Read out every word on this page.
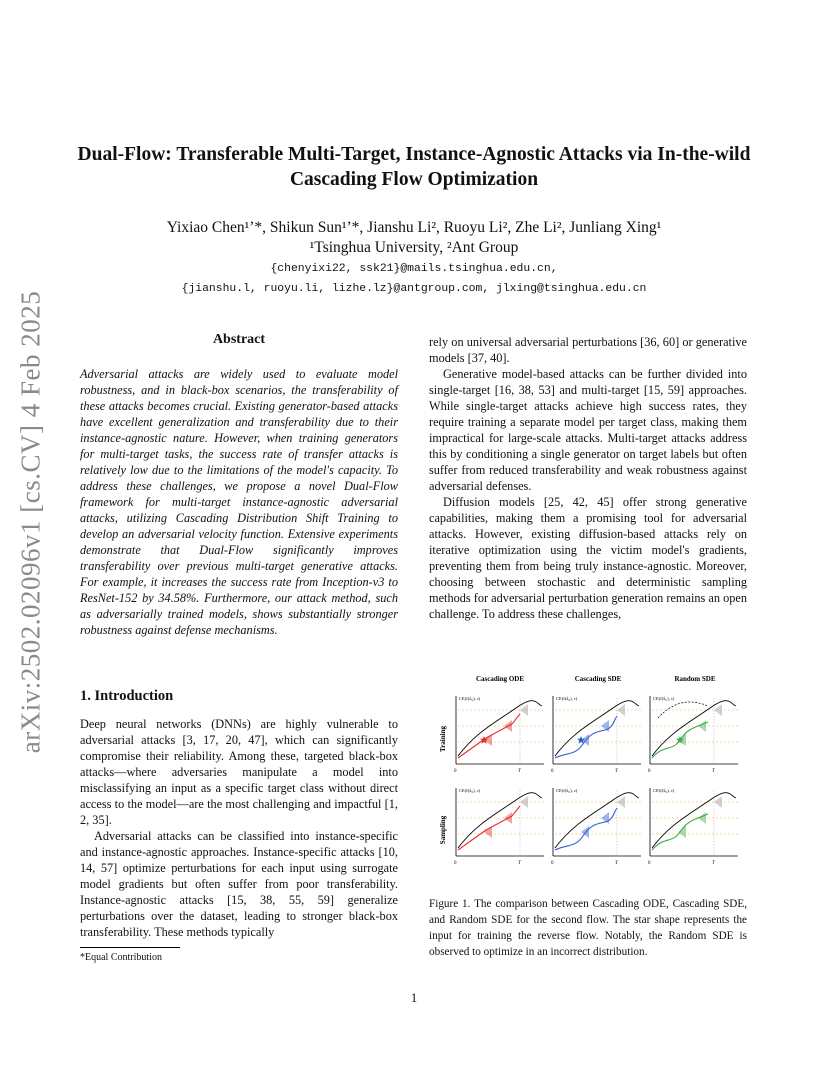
arXiv:2502.02096v1 [cs.CV] 4 Feb 2025
Dual-Flow: Transferable Multi-Target, Instance-Agnostic Attacks via In-the-wild
Cascading Flow Optimization
Yixiao Chen¹ʼ*, Shikun Sun¹ʼ*, Jianshu Li², Ruoyu Li², Zhe Li², Junliang Xing¹
¹Tsinghua University, ²Ant Group
{chenyixi22, ssk21}@mails.tsinghua.edu.cn,
{jianshu.l, ruoyu.li, lizhe.lz}@antgroup.com, jlxing@tsinghua.edu.cn
Abstract
Adversarial attacks are widely used to evaluate model robustness, and in black-box scenarios, the transferability of these attacks becomes crucial. Existing generator-based attacks have excellent generalization and transferability due to their instance-agnostic nature. However, when training generators for multi-target tasks, the success rate of transfer attacks is relatively low due to the limitations of the model's capacity. To address these challenges, we propose a novel Dual-Flow framework for multi-target instance-agnostic adversarial attacks, utilizing Cascading Distribution Shift Training to develop an adversarial velocity function. Extensive experiments demonstrate that Dual-Flow significantly improves transferability over previous multi-target generative attacks. For example, it increases the success rate from Inception-v3 to ResNet-152 by 34.58%. Furthermore, our attack method, such as adversarially trained models, shows substantially stronger robustness against defense mechanisms.
1. Introduction

Deep neural networks (DNNs) are highly vulnerable to adversarial attacks [3, 17, 20, 47], which can significantly compromise their reliability. Among these, targeted black-box attacks—where adversaries manipulate a model into misclassifying an input as a specific target class without direct access to the model—are the most challenging and impactful [1, 2, 35].

Adversarial attacks can be classified into instance-specific and instance-agnostic approaches. Instance-specific attacks [10, 14, 57] optimize perturbations for each input using surrogate model gradients but often suffer from poor transferability. Instance-agnostic attacks [15, 38, 55, 59] generalize perturbations over the dataset, leading to stronger black-box transferability. These methods typically

rely on universal adversarial perturbations [36, 60] or generative models [37, 40].

Generative model-based attacks can be further divided into single-target [16, 38, 53] and multi-target [15, 59] approaches. While single-target attacks achieve high success rates, they require training a separate model per target class, making them impractical for large-scale attacks. Multi-target attacks address this by conditioning a single generator on target labels but often suffer from reduced transferability and weak robustness against adversarial defenses.

Diffusion models [25, 42, 45] offer strong generative capabilities, making them a promising tool for adversarial attacks. However, existing diffusion-based attacks rely on iterative optimization using the victim model's gradients, preventing them from being truly instance-agnostic. Moreover, choosing between stochastic and deterministic sampling methods for adversarial perturbation generation remains an open challenge. To address these challenges,

Cascading ODE	Cascading SDE	Random SDE
Training
Sampling
CE(f(x̂₀), c)
0	T
CE(f(x̂₀), c)
0	T
CE(f(x̂₀), c)
0	T
CE(f(x̂₀), c)
0	T
CE(f(x̂₀), c)
0	T
CE(f(x̂₀), c)
0	T
Figure 1. The comparison between Cascading ODE, Cascading SDE, and Random SDE for the second flow. The star shape represents the input for training the reverse flow. Notably, the Random SDE is observed to optimize in an incorrect distribution.
*Equal Contribution
1
